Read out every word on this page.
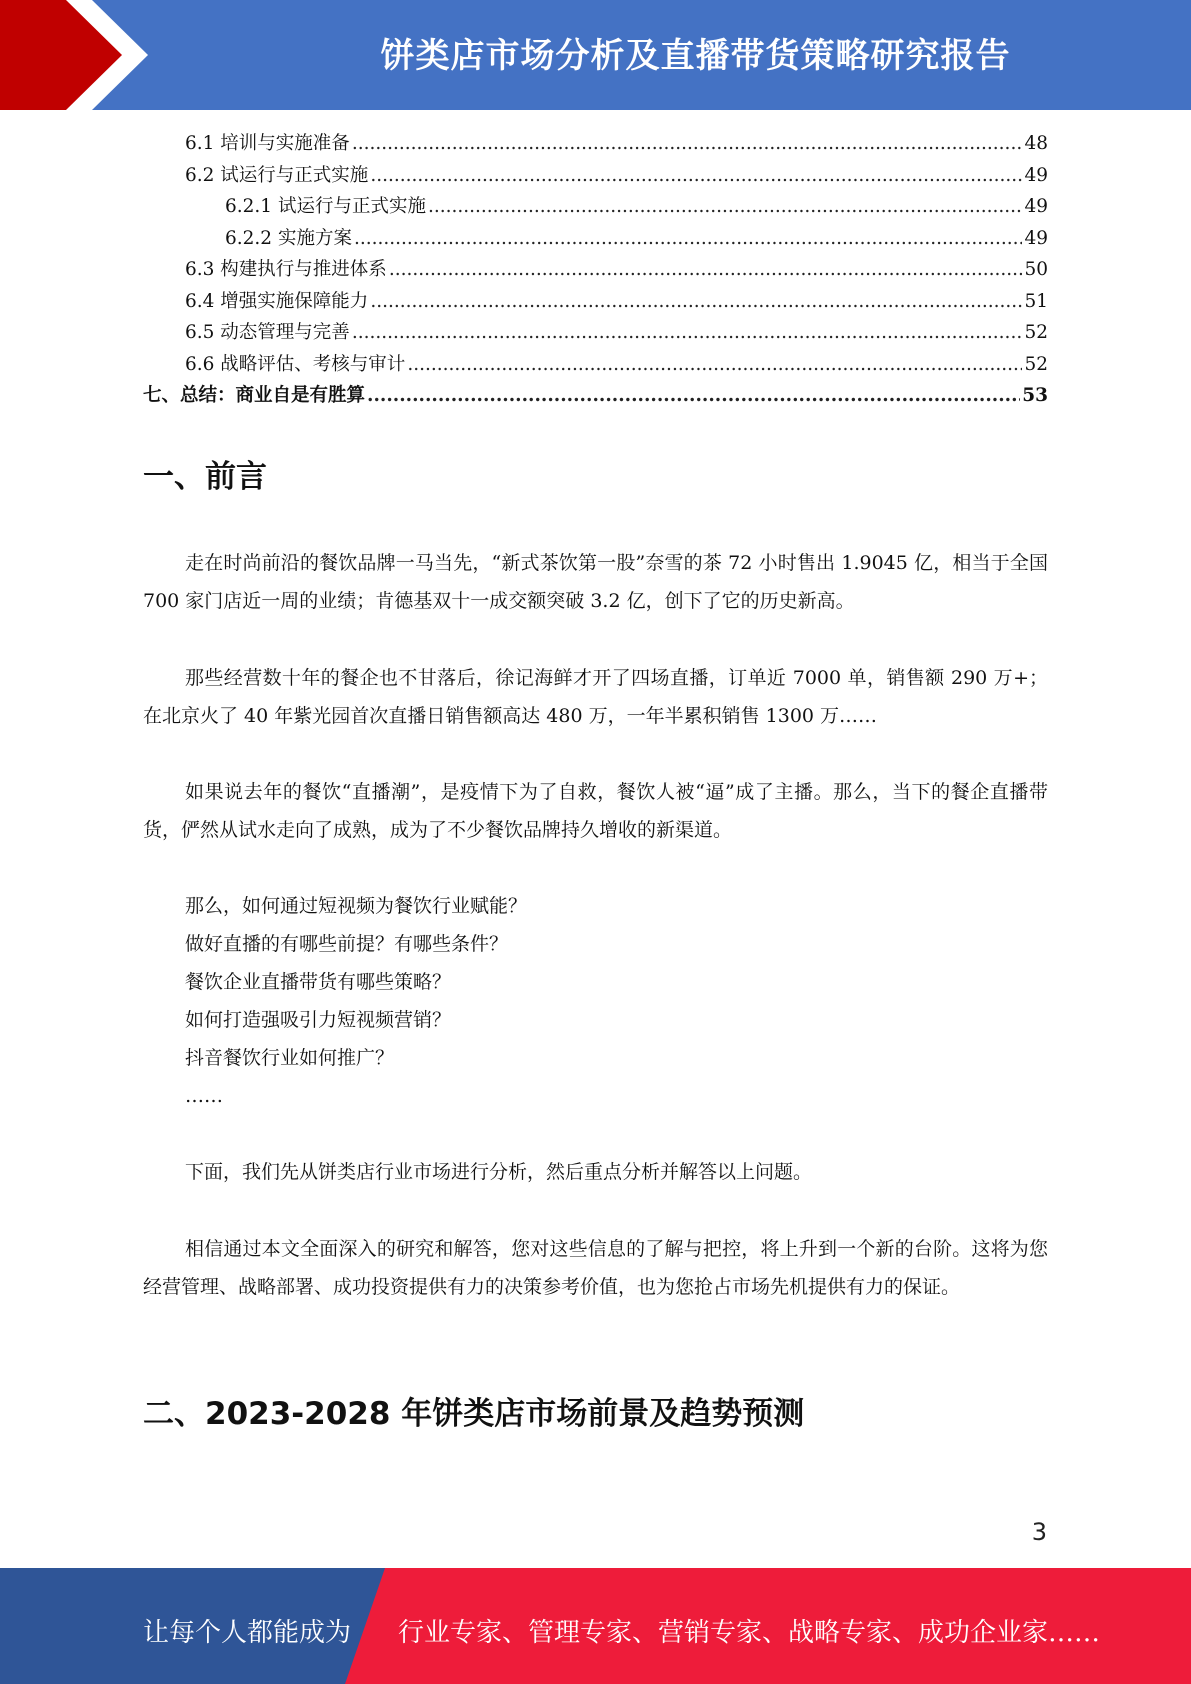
饼类店市场分析及直播带货策略研究报告
6.1 培训与实施准备 .....	48
6.2 试运行与正式实施 .....	49
6.2.1 试运行与正式实施 .....	49
6.2.2 实施方案 .....	49
6.3 构建执行与推进体系 .....	50
6.4 增强实施保障能力 .....	51
6.5 动态管理与完善 .....	52
6.6 战略评估、考核与审计 .....	52
七、总结：商业自是有胜算 .....	53
一、前言

走在时尚前沿的餐饮品牌一马当先，“新式茶饮第一股”奈雪的茶 72 小时售出 1.9045 亿，相当于全国 700 家门店近一周的业绩；肯德基双十一成交额突破 3.2 亿，创下了它的历史新高。

那些经营数十年的餐企也不甘落后，徐记海鲜才开了四场直播，订单近 7000 单，销售额 290 万+；在北京火了 40 年紫光园首次直播日销售额高达 480 万，一年半累积销售 1300 万……

如果说去年的餐饮“直播潮”，是疫情下为了自救，餐饮人被“逼”成了主播。那么，当下的餐企直播带货，俨然从试水走向了成熟，成为了不少餐饮品牌持久增收的新渠道。

那么，如何通过短视频为餐饮行业赋能？
做好直播的有哪些前提？有哪些条件？
餐饮企业直播带货有哪些策略？
如何打造强吸引力短视频营销？
抖音餐饮行业如何推广？
……

下面，我们先从饼类店行业市场进行分析，然后重点分析并解答以上问题。

相信通过本文全面深入的研究和解答，您对这些信息的了解与把控，将上升到一个新的台阶。这将为您经营管理、战略部署、成功投资提供有力的决策参考价值，也为您抢占市场先机提供有力的保证。

二、2023-2028 年饼类店市场前景及趋势预测
3
让每个人都能成为 行业专家、管理专家、营销专家、战略专家、成功企业家……
